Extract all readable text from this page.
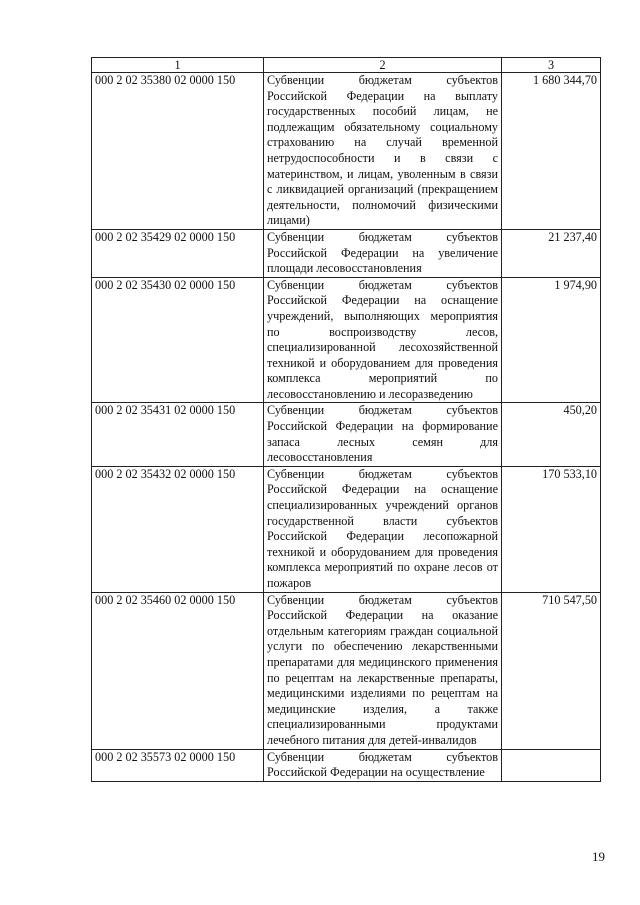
1	2	3
000 2 02 35380 02 0000 150	Субвенции бюджетам субъектов Российской Федерации на выплату государственных пособий лицам, не подлежащим обязательному социальному страхованию на случай временной нетрудоспособности и в связи с материнством, и лицам, уволенным в связи с ликвидацией организаций (прекращением деятельности, полномочий физическими лицами)	1 680 344,70
000 2 02 35429 02 0000 150	Субвенции бюджетам субъектов Российской Федерации на увеличение площади лесовосстановления	21 237,40
000 2 02 35430 02 0000 150	Субвенции бюджетам субъектов Российской Федерации на оснащение учреждений, выполняющих мероприятия по воспроизводству лесов, специализированной лесохозяйственной техникой и оборудованием для проведения комплекса мероприятий по лесовосстановлению и лесоразведению	1 974,90
000 2 02 35431 02 0000 150	Субвенции бюджетам субъектов Российской Федерации на формирование запаса лесных семян для лесовосстановления	450,20
000 2 02 35432 02 0000 150	Субвенции бюджетам субъектов Российской Федерации на оснащение специализированных учреждений органов государственной власти субъектов Российской Федерации лесопожарной техникой и оборудованием для проведения комплекса мероприятий по охране лесов от пожаров	170 533,10
000 2 02 35460 02 0000 150	Субвенции бюджетам субъектов Российской Федерации на оказание отдельным категориям граждан социальной услуги по обеспечению лекарственными препаратами для медицинского применения по рецептам на лекарственные препараты, медицинскими изделиями по рецептам на медицинские изделия, а также специализированными продуктами лечебного питания для детей-инвалидов	710 547,50
000 2 02 35573 02 0000 150	Субвенции бюджетам субъектов Российской Федерации на осуществление	
19
